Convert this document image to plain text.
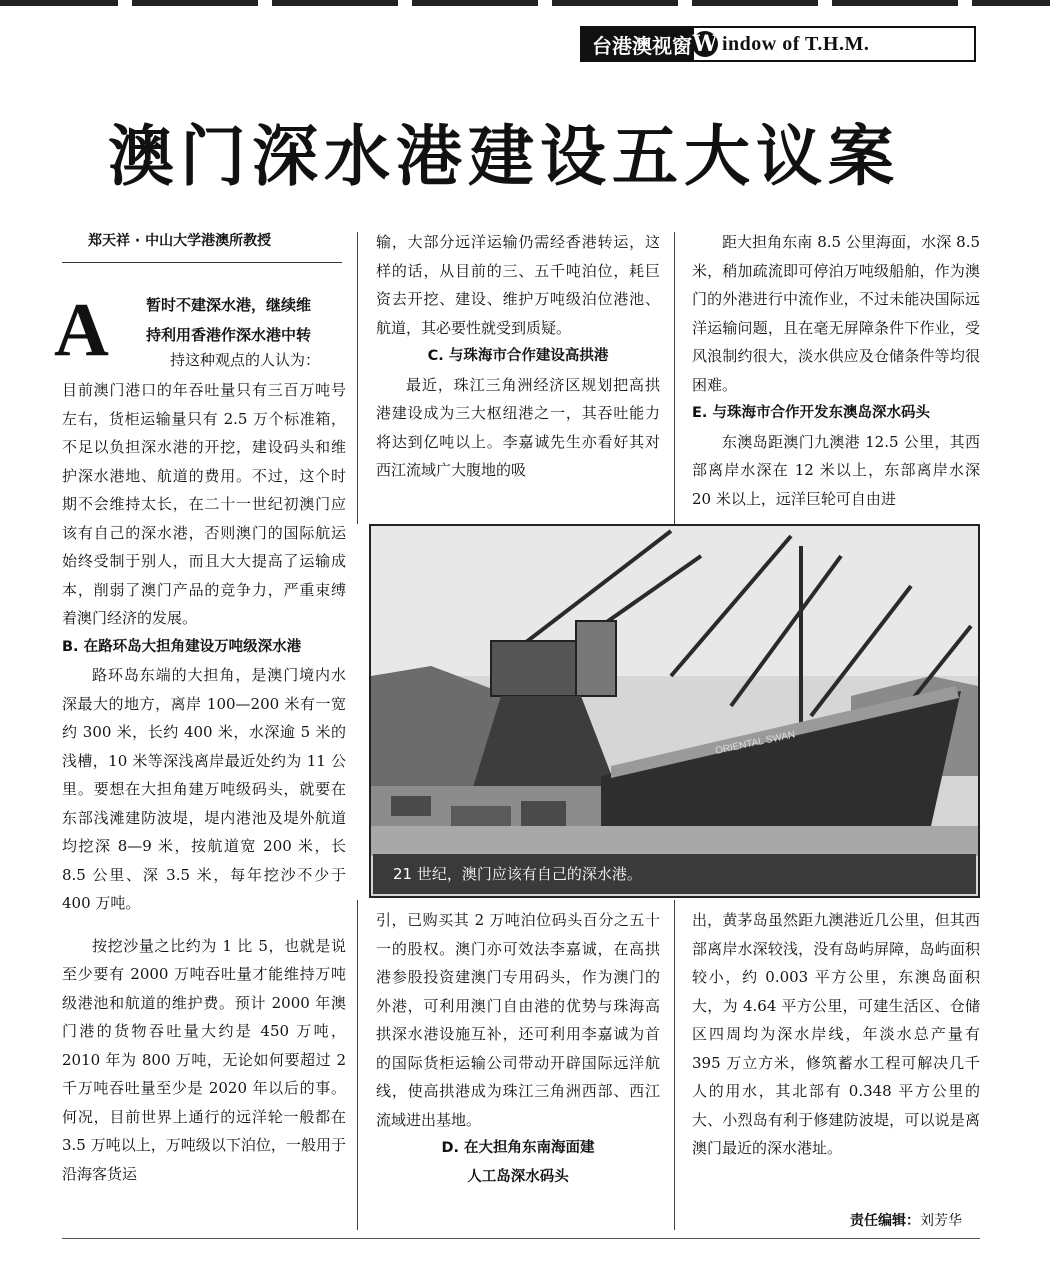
台港澳视窗 W indow of T.H.M.
澳门深水港建设五大议案
郑天祥 · 中山大学港澳所教授
A 暂时不建深水港，继续维
持利用香港作深水港中转
持这种观点的人认为：

目前澳门港口的年吞吐量只有三百万吨号左右，货柜运输量只有 2.5 万个标准箱，不足以负担深水港的开挖，建设码头和维护深水港地、航道的费用。不过，这个时期不会维持太长，在二十一世纪初澳门应该有自己的深水港，否则澳门的国际航运始终受制于别人，而且大大提高了运输成本，削弱了澳门产品的竞争力，严重束缚着澳门经济的发展。

B. 在路环岛大担角建设万吨级深水港

路环岛东端的大担角，是澳门境内水深最大的地方，离岸 100—200 米有一宽约 300 米，长约 400 米，水深逾 5 米的浅槽，10 米等深浅离岸最近处约为 11 公里。要想在大担角建万吨级码头，就要在东部浅滩建防波堤，堤内港池及堤外航道均挖深 8—9 米，按航道宽 200 米，长 8.5 公里、深 3.5 米，每年挖沙不少于 400 万吨。

按挖沙量之比约为 1 比 5，也就是说至少要有 2000 万吨吞吐量才能维持万吨级港池和航道的维护费。预计 2000 年澳门港的货物吞吐量大约是 450 万吨，2010 年为 800 万吨，无论如何要超过 2 千万吨吞吐量至少是 2020 年以后的事。何况，目前世界上通行的远洋轮一般都在 3.5 万吨以上，万吨级以下泊位，一般用于沿海客货运

输，大部分远洋运输仍需经香港转运，这样的话，从目前的三、五千吨泊位，耗巨资去开挖、建设、维护万吨级泊位港池、航道，其必要性就受到质疑。

C. 与珠海市合作建设高拱港

最近，珠江三角洲经济区规划把高拱港建设成为三大枢纽港之一，其吞吐能力将达到亿吨以上。李嘉诚先生亦看好其对西江流域广大腹地的吸

距大担角东南 8.5 公里海面，水深 8.5 米，稍加疏流即可停泊万吨级船舶，作为澳门的外港进行中流作业，不过未能决国际远洋运输问题，且在毫无屏障条件下作业，受风浪制约很大，淡水供应及仓储条件等均很困难。

E. 与珠海市合作开发东澳岛深水码头

东澳岛距澳门九澳港 12.5 公里，其西部离岸水深在 12 米以上，东部离岸水深 20 米以上，远洋巨轮可自由进

ORIENTAL SWAN
21 世纪，澳门应该有自己的深水港。

引，已购买其 2 万吨泊位码头百分之五十一的股权。澳门亦可效法李嘉诚，在高拱港参股投资建澳门专用码头，作为澳门的外港，可利用澳门自由港的优势与珠海高拱深水港设施互补，还可利用李嘉诚为首的国际货柜运输公司带动开辟国际远洋航线，使高拱港成为珠江三角洲西部、西江流域进出基地。

D. 在大担角东南海面建

人工岛深水码头

出，黄茅岛虽然距九澳港近几公里，但其西部离岸水深较浅，没有岛屿屏障，岛屿面积较小，约 0.003 平方公里，东澳岛面积大，为 4.64 平方公里，可建生活区、仓储区四周均为深水岸线，年淡水总产量有 395 万立方米，修筑蓄水工程可解决几千人的用水，其北部有 0.348 平方公里的大、小烈岛有利于修建防波堤，可以说是离澳门最近的深水港址。

责任编辑：刘芳华
